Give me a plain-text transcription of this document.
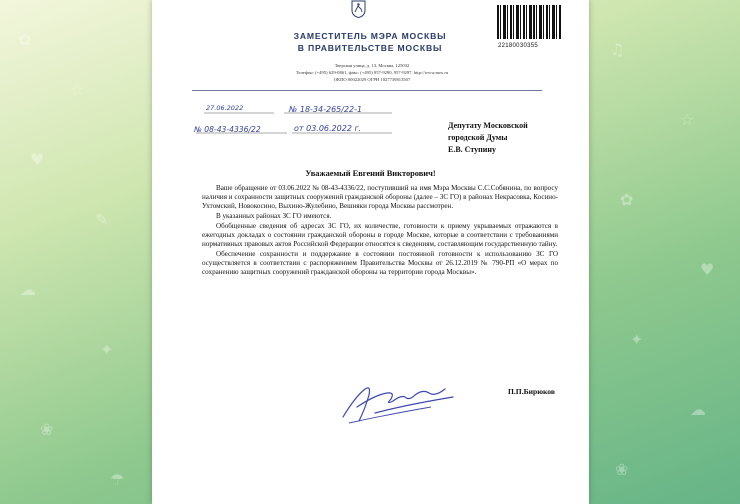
✿
☆
♥
✎
☁
✦
❀
☂
♫
☆
✿
♥
✦
☁
❀
22180030355
ЗАМЕСТИТЕЛЬ МЭРА МОСКВЫ
В ПРАВИТЕЛЬСТВЕ МОСКВЫ
Тверская улица, д. 13, Москва, 125032
Телефон: (+495) 629-0861, факс: (+495) 957-9290, 957-9297, http://www.mos.ru
ОКПО 00022029 ОГРН 1027739813507
27.06.2022	№ 18-34-265/22-1
№ 08-43-4336/22	от 03.06.2022 г.	Депутату Московской
городской Думы
Е.В. Ступину
Уважаемый Евгений Викторович!

Ваше обращение от 03.06.2022 № 08-43-4336/22, поступивший на имя Мэра Москвы С.С.Собянина, по вопросу наличия и сохранности защитных сооружений гражданской обороны (далее – ЗС ГО) в районах Некрасовка, Косино-Ухтомский, Новокосино, Выхино-Жулебино, Вешняки города Москвы рассмотрен.

В указанных районах ЗС ГО имеются.

Обобщенные сведения об адресах ЗС ГО, их количестве, готовности к приему укрываемых отражаются в ежегодных докладах о состоянии гражданской обороны в городе Москве, которые в соответствии с требованиями нормативных правовых актов Российской Федерации относятся к сведениям, составляющим государственную тайну.

Обеспечение сохранности и поддержание в состоянии постоянной готовности к использованию ЗС ГО осуществляется в соответствии с распоряжением Правительства Москвы от 26.12.2019 № 790-РП «О мерах по сохранению защитных сооружений гражданской обороны на территории города Москвы».

П.П.Бирюков
